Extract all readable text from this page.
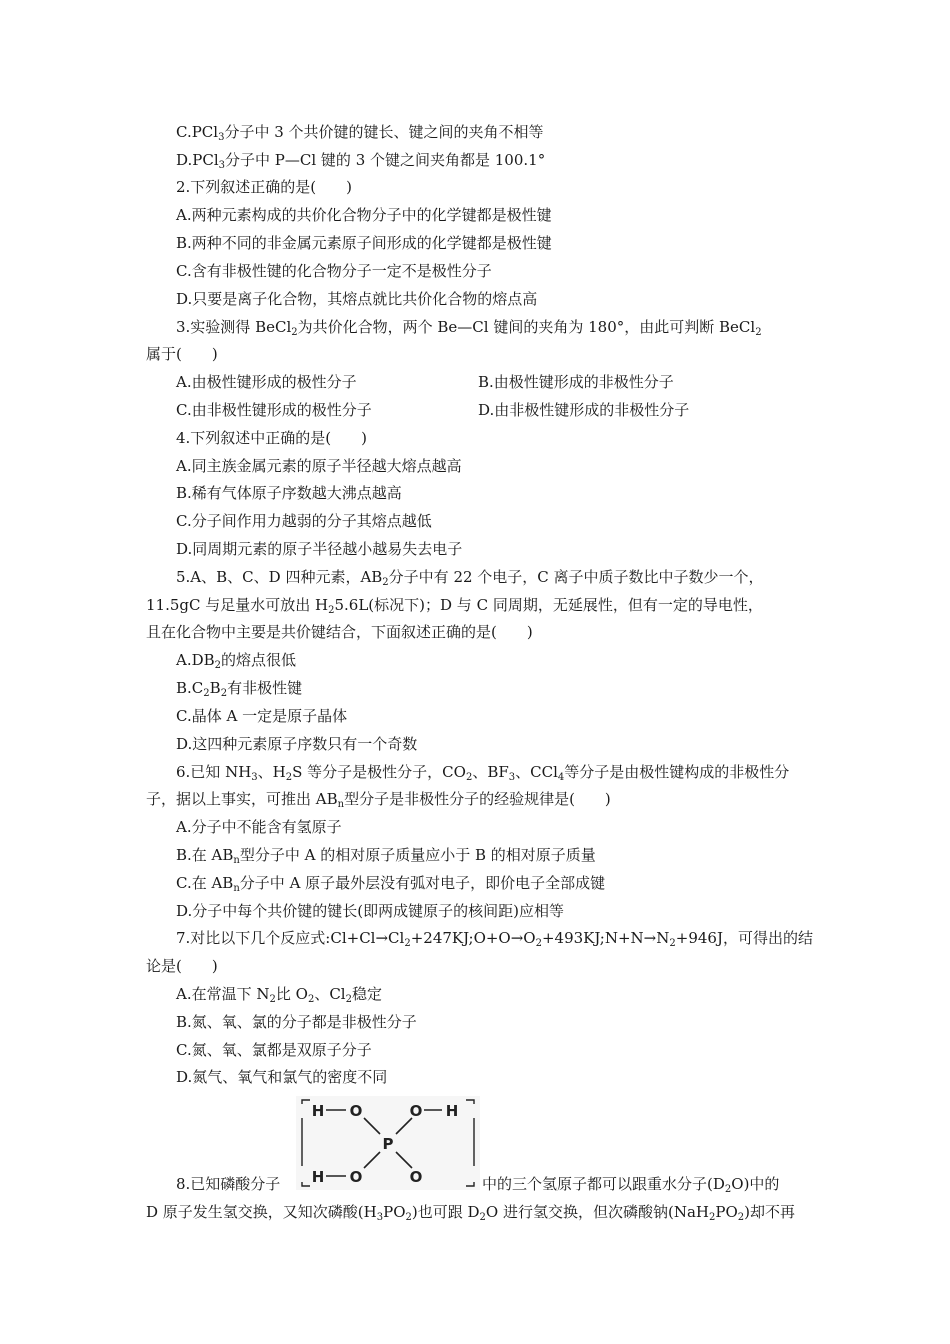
C.PCl$_3$分子中 3 个共价键的键长、键之间的夹角不相等
D.PCl$_3$分子中 P—Cl 键的 3 个键之间夹角都是 100.1°
2.下列叙述正确的是(　　)
A.两种元素构成的共价化合物分子中的化学键都是极性键
B.两种不同的非金属元素原子间形成的化学键都是极性键
C.含有非极性键的化合物分子一定不是极性分子
D.只要是离子化合物，其熔点就比共价化合物的熔点高
3.实验测得 BeCl$_2$为共价化合物，两个 Be—Cl 键间的夹角为 180°，由此可判断 BeCl$_2$
属于(　　)
A.由极性键形成的极性分子	B.由极性键形成的非极性分子
C.由非极性键形成的极性分子	D.由非极性键形成的非极性分子
4.下列叙述中正确的是(　　)
A.同主族金属元素的原子半径越大熔点越高
B.稀有气体原子序数越大沸点越高
C.分子间作用力越弱的分子其熔点越低
D.同周期元素的原子半径越小越易失去电子
5.A、B、C、D 四种元素，$AB_2$分子中有 22 个电子，C 离子中质子数比中子数少一个，
11.5gC 与足量水可放出 $H_25.6L$(标况下)；D 与 C 同周期，无延展性，但有一定的导电性，
且在化合物中主要是共价键结合，下面叙述正确的是(　　)
$A.DB_2$的熔点很低
$B.C_2B_2$有非极性键
C.晶体 A 一定是原子晶体
D.这四种元素原子序数只有一个奇数
6.已知 $NH_3$、$H_2S$ 等分子是极性分子，$CO_2$、$BF_3$、CCl$_4$等分子是由极性键构成的非极性分
子，据以上事实，可推出 $AB_n$型分子是非极性分子的经验规律是(　　)
A.分子中不能含有氢原子
B.在 $AB_n$型分子中 A 的相对原子质量应小于 B 的相对原子质量
C.在 $AB_n$分子中 A 原子最外层没有弧对电子，即价电子全部成键
D.分子中每个共价键的键长(即两成键原子的核间距)应相等
7.对比以下几个反应式$:Cl+Cl\to Cl_2+247KJ;O+O\to O_2+493KJ;N+N\to N_2+946J$，可得出的结
论是(　　)
A.在常温下 $N_2$比 $O_2$、$Cl_2$稳定
B.氮、氧、氯的分子都是非极性分子
C.氮、氧、氯都是双原子分子
D.氮气、氧气和氯气的密度不同
H O	O H
P
H O	O
8.已知磷酸分子	中的三个氢原子都可以跟重水分子$(D_2O)$中的
D 原子发生氢交换，又知次磷酸$(H_3PO_2)$也可跟 $D_2O$ 进行氢交换，但次磷酸钠$(NaH_2PO_2)$却不再
